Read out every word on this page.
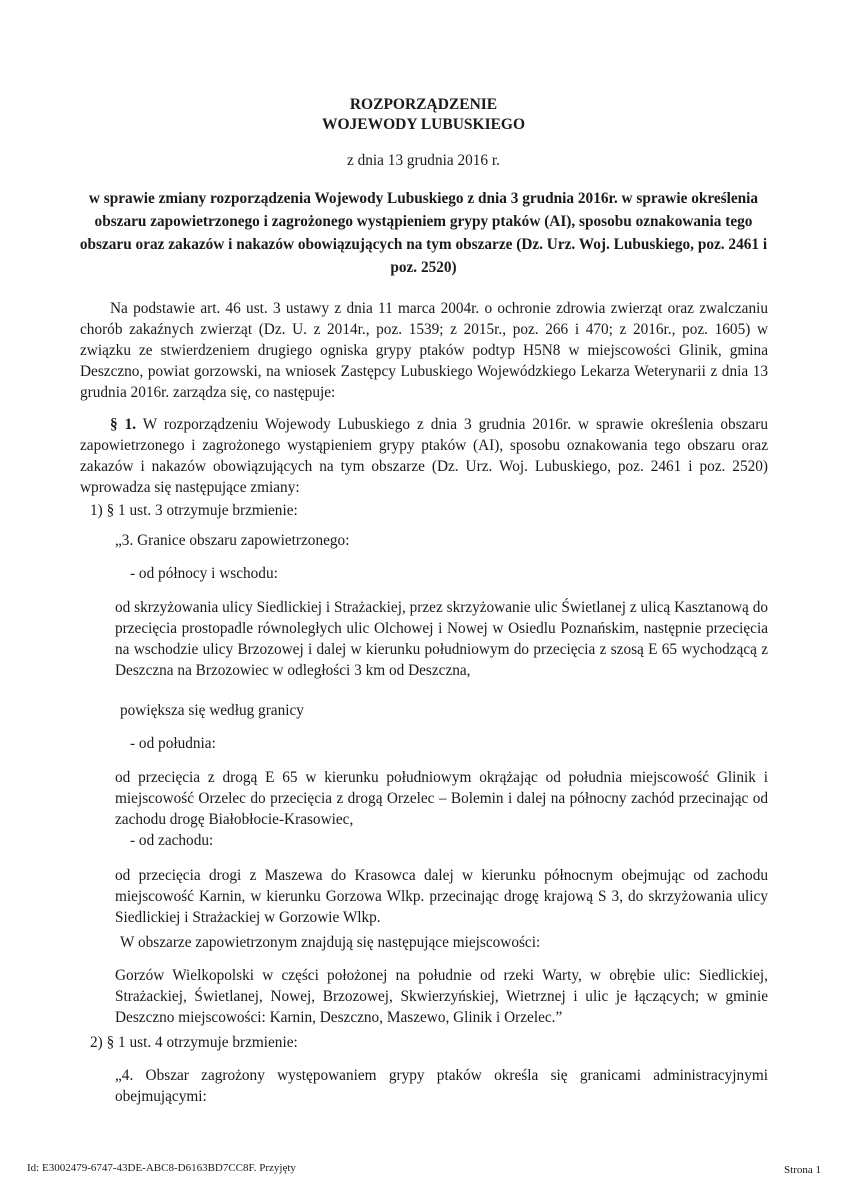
ROZPORZĄDZENIE

WOJEWODY LUBUSKIEGO

z dnia 13 grudnia 2016 r.

w sprawie zmiany rozporządzenia Wojewody Lubuskiego z dnia 3 grudnia 2016r. w sprawie określenia obszaru zapowietrzonego i zagrożonego wystąpieniem grypy ptaków (AI), sposobu oznakowania tego obszaru oraz zakazów i nakazów obowiązujących na tym obszarze (Dz. Urz. Woj. Lubuskiego, poz. 2461 i poz. 2520)

Na podstawie art. 46 ust. 3 ustawy z dnia 11 marca 2004r. o ochronie zdrowia zwierząt oraz zwalczaniu chorób zakaźnych zwierząt (Dz. U. z 2014r., poz. 1539; z 2015r., poz. 266 i 470; z 2016r., poz. 1605) w związku ze stwierdzeniem drugiego ogniska grypy ptaków podtyp H5N8 w miejscowości Glinik, gmina Deszczno, powiat gorzowski, na wniosek Zastępcy Lubuskiego Wojewódzkiego Lekarza Weterynarii z dnia 13 grudnia 2016r. zarządza się, co następuje:

§ 1. W rozporządzeniu Wojewody Lubuskiego z dnia 3 grudnia 2016r. w sprawie określenia obszaru zapowietrzonego i zagrożonego wystąpieniem grypy ptaków (AI), sposobu oznakowania tego obszaru oraz zakazów i nakazów obowiązujących na tym obszarze (Dz. Urz. Woj. Lubuskiego, poz. 2461 i poz. 2520) wprowadza się następujące zmiany:

1) § 1 ust. 3 otrzymuje brzmienie:

„3. Granice obszaru zapowietrzonego:

- od północy i wschodu:

od skrzyżowania ulicy Siedlickiej i Strażackiej, przez skrzyżowanie ulic Świetlanej z ulicą Kasztanową do przecięcia prostopadle równoległych ulic Olchowej i Nowej w Osiedlu Poznańskim, następnie przecięcia na wschodzie ulicy Brzozowej i dalej w kierunku południowym do przecięcia z szosą E 65 wychodzącą z Deszczna na Brzozowiec w odległości 3 km od Deszczna,

powiększa się według granicy

- od południa:

od przecięcia z drogą E 65 w kierunku południowym okrążając od południa miejscowość Glinik i miejscowość Orzelec do przecięcia z drogą Orzelec – Bolemin i dalej na północny zachód przecinając od zachodu drogę Białobłocie-Krasowiec,

- od zachodu:

od przecięcia drogi z Maszewa do Krasowca dalej w kierunku północnym obejmując od zachodu miejscowość Karnin, w kierunku Gorzowa Wlkp. przecinając drogę krajową S 3, do skrzyżowania ulicy Siedlickiej i Strażackiej w Gorzowie Wlkp.

W obszarze zapowietrzonym znajdują się następujące miejscowości:

Gorzów Wielkopolski w części położonej na południe od rzeki Warty, w obrębie ulic: Siedlickiej, Strażackiej, Świetlanej, Nowej, Brzozowej, Skwierzyńskiej, Wietrznej i ulic je łączących; w gminie Deszczno miejscowości: Karnin, Deszczno, Maszewo, Glinik i Orzelec.”

2) § 1 ust. 4 otrzymuje brzmienie:

„4. Obszar zagrożony występowaniem grypy ptaków określa się granicami administracyjnymi obejmującymi:

Id: E3002479-6747-43DE-ABC8-D6163BD7CC8F. Przyjęty	Strona 1
